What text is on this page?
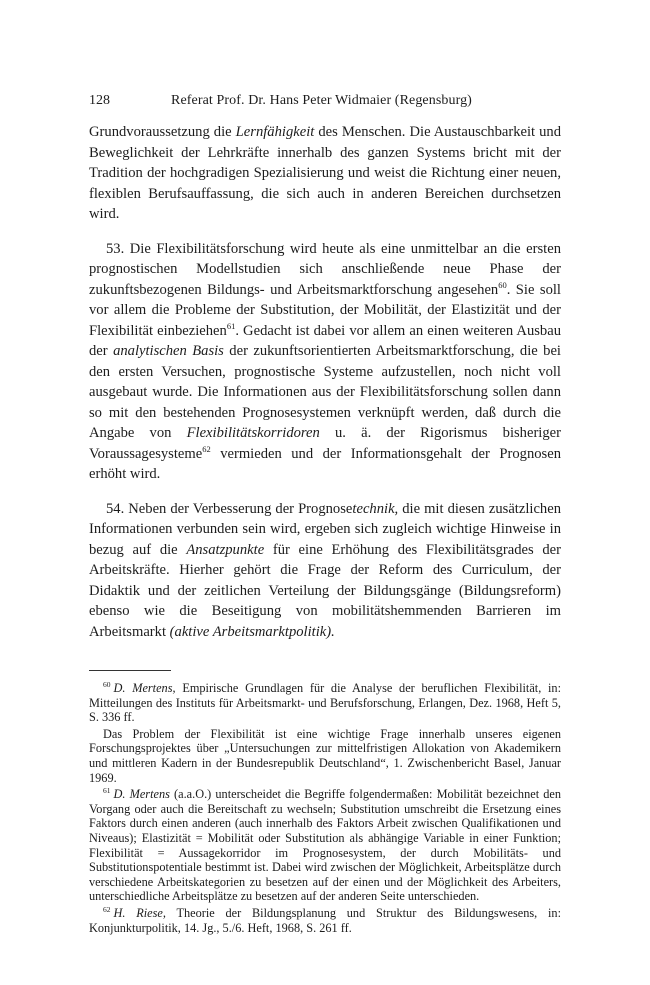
128	Referat Prof. Dr. Hans Peter Widmaier (Regensburg)

Grundvoraussetzung die Lernfähigkeit des Menschen. Die Austauschbarkeit und Beweglichkeit der Lehrkräfte innerhalb des ganzen Systems bricht mit der Tradition der hochgradigen Spezialisierung und weist die Richtung einer neuen, flexiblen Berufsauffassung, die sich auch in anderen Bereichen durchsetzen wird.

53. Die Flexibilitätsforschung wird heute als eine unmittelbar an die ersten prognostischen Modellstudien sich anschließende neue Phase der zukunftsbezogenen Bildungs- und Arbeitsmarktforschung angesehen$^{60}$. Sie soll vor allem die Probleme der Substitution, der Mobilität, der Elastizität und der Flexibilität einbeziehen$^{61}$. Gedacht ist dabei vor allem an einen weiteren Ausbau der analytischen Basis der zukunftsorientierten Arbeitsmarktforschung, die bei den ersten Versuchen, prognostische Systeme aufzustellen, noch nicht voll ausgebaut wurde. Die Informationen aus der Flexibilitätsforschung sollen dann so mit den bestehenden Prognosesystemen verknüpft werden, daß durch die Angabe von Flexibilitätskorridoren u. ä. der Rigorismus bisheriger Voraussagesysteme$^{62}$ vermieden und der Informationsgehalt der Prognosen erhöht wird.

54. Neben der Verbesserung der Prognosetechnik, die mit diesen zusätzlichen Informationen verbunden sein wird, ergeben sich zugleich wichtige Hinweise in bezug auf die Ansatzpunkte für eine Erhöhung des Flexibilitätsgrades der Arbeitskräfte. Hierher gehört die Frage der Reform des Curriculum, der Didaktik und der zeitlichen Verteilung der Bildungsgänge (Bildungsreform) ebenso wie die Beseitigung von mobilitätshemmenden Barrieren im Arbeitsmarkt (aktive Arbeitsmarktpolitik).

$^{60}$ D. Mertens, Empirische Grundlagen für die Analyse der beruflichen Flexibilität, in: Mitteilungen des Instituts für Arbeitsmarkt- und Berufsforschung, Erlangen, Dez. 1968, Heft 5, S. 336 ff.

Das Problem der Flexibilität ist eine wichtige Frage innerhalb unseres eigenen Forschungsprojektes über „Untersuchungen zur mittelfristigen Allokation von Akademikern und mittleren Kadern in der Bundesrepublik Deutschland“, 1. Zwischenbericht Basel, Januar 1969.

$^{61}$ D. Mertens (a.a.O.) unterscheidet die Begriffe folgendermaßen: Mobilität bezeichnet den Vorgang oder auch die Bereitschaft zu wechseln; Substitution umschreibt die Ersetzung eines Faktors durch einen anderen (auch innerhalb des Faktors Arbeit zwischen Qualifikationen und Niveaus); Elastizität = Mobilität oder Substitution als abhängige Variable in einer Funktion; Flexibilität = Aussagekorridor im Prognosesystem, der durch Mobilitäts- und Substitutionspotentiale bestimmt ist. Dabei wird zwischen der Möglichkeit, Arbeitsplätze durch verschiedene Arbeitskategorien zu besetzen auf der einen und der Möglichkeit des Arbeiters, unterschiedliche Arbeitsplätze zu besetzen auf der anderen Seite unterschieden.

$^{62}$ H. Riese, Theorie der Bildungsplanung und Struktur des Bildungswesens, in: Konjunkturpolitik, 14. Jg., 5./6. Heft, 1968, S. 261 ff.
